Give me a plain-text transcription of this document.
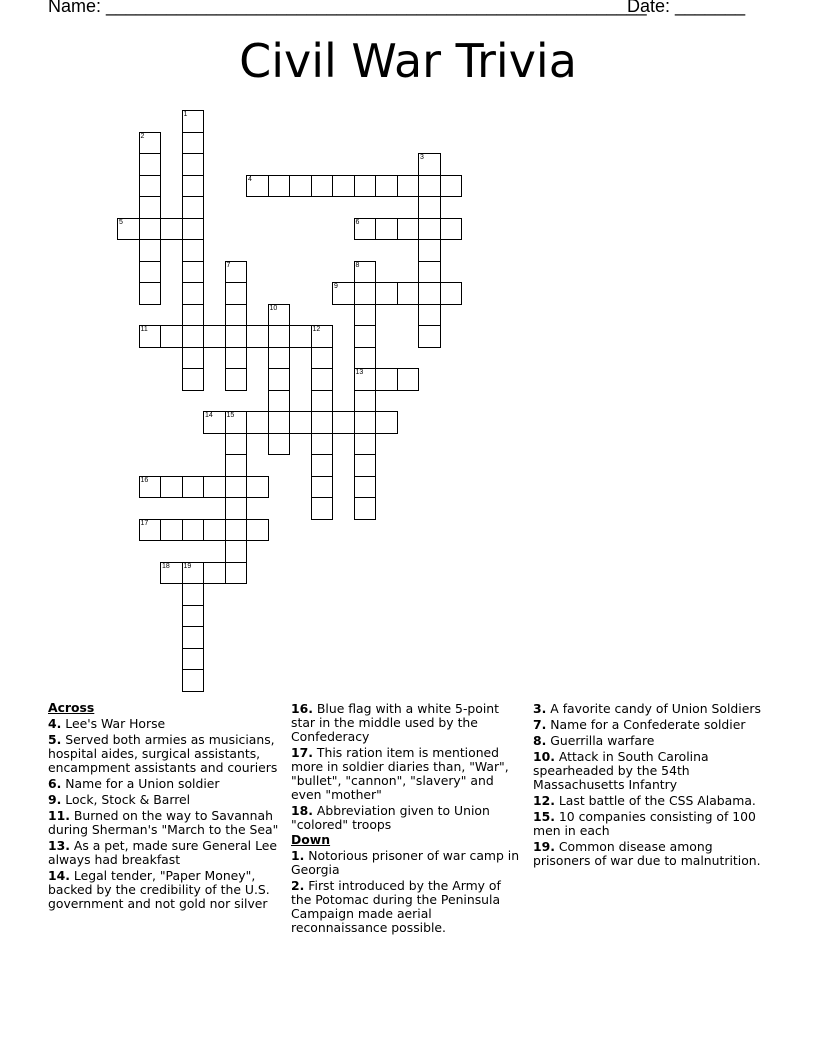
Name: ______________________________________________________
Date: _______
Civil War Trivia
1
2
3
7	8
13
10
12
15
19
4
5	6
9
11
14
16
17
18
Across
4. Lee's War Horse
5. Served both armies as musicians, hospital aides, surgical assistants, encampment assistants and couriers
6. Name for a Union soldier
9. Lock, Stock & Barrel
11. Burned on the way to Savannah during Sherman's "March to the Sea"
13. As a pet, made sure General Lee always had breakfast
14. Legal tender, "Paper Money", backed by the credibility of the U.S. government and not gold nor silver
16. Blue flag with a white 5-point star in the middle used by the Confederacy
17. This ration item is mentioned more in soldier diaries than, "War", "bullet", "cannon", "slavery" and even "mother"
18. Abbreviation given to Union "colored" troops
Down
1. Notorious prisoner of war camp in Georgia
2. First introduced by the Army of the Potomac during the Peninsula Campaign made aerial reconnaissance possible.
3. A favorite candy of Union Soldiers
7. Name for a Confederate soldier
8. Guerrilla warfare
10. Attack in South Carolina spearheaded by the 54th Massachusetts Infantry
12. Last battle of the CSS Alabama.
15. 10 companies consisting of 100 men in each
19. Common disease among prisoners of war due to malnutrition.
